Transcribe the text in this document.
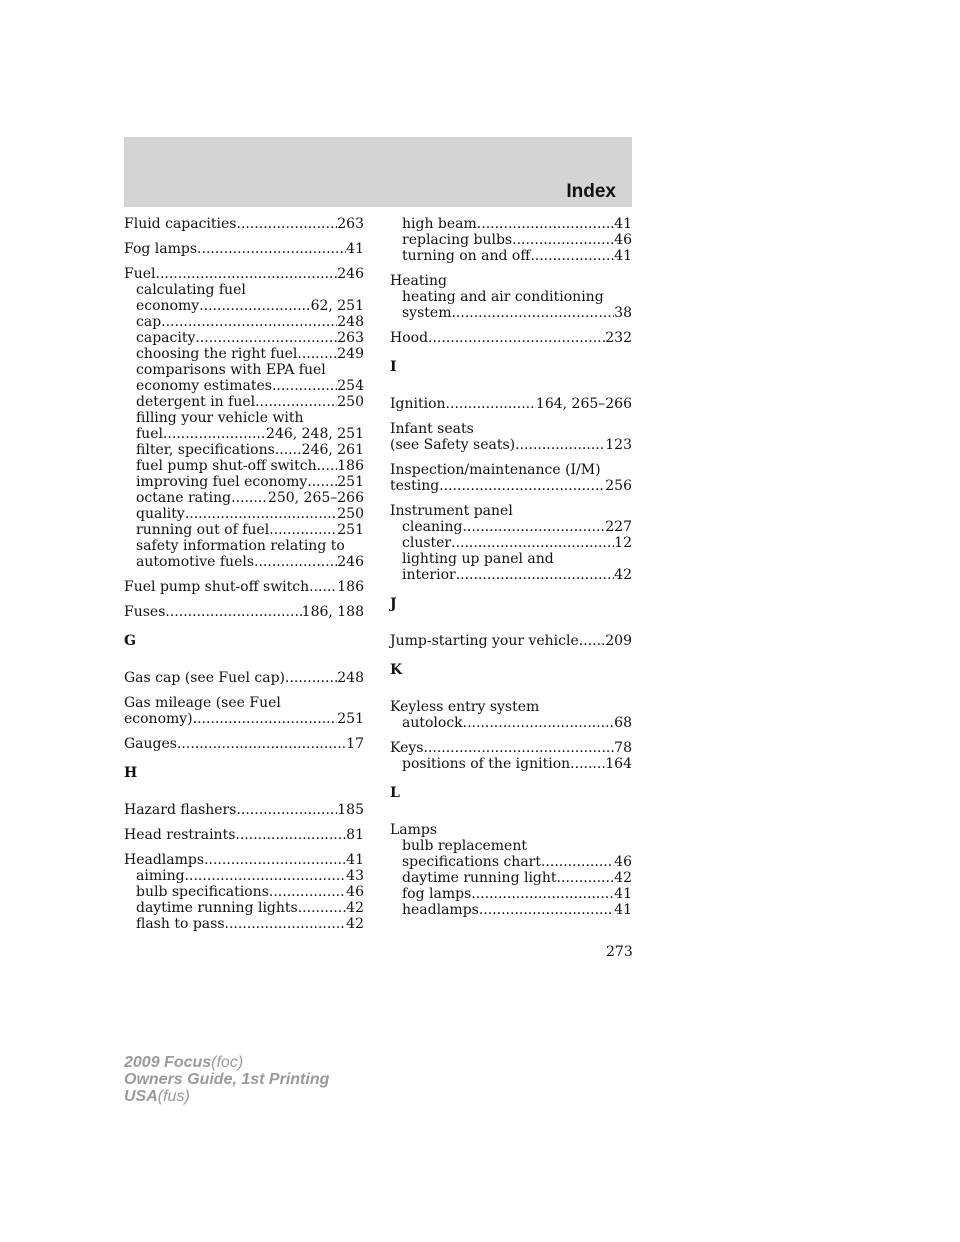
Index
Fluid capacities .....	263
Fog lamps .....	41
Fuel .....	246
calculating fuel
economy .....	62, 251
cap .....	248
capacity .....	263
choosing the right fuel .....	249
comparisons with EPA fuel
economy estimates .....	254
detergent in fuel .....	250
filling your vehicle with
fuel .....	246, 248, 251
filter, specifications ..... 246, 261
fuel pump shut-off switch ..... 186
improving fuel economy ..... 251
octane rating .....	250, 265–266
quality .....	250
running out of fuel .....	251
safety information relating to
automotive fuels .....	246
Fuel pump shut-off switch ..... 186
Fuses .....	186, 188
G
Gas cap (see Fuel cap) .....	248
Gas mileage (see Fuel
economy) .....	251
Gauges .....	17
H
Hazard flashers .....	185
Head restraints .....	81
Headlamps .....	41
aiming .....	43
bulb specifications .....	46
daytime running lights .....	42
flash to pass .....	42
high beam .....	41
replacing bulbs .....	46
turning on and off .....	41
Heating
heating and air conditioning
system .....	38
Hood .....	232
I
Ignition .....	164, 265–266
Infant seats
(see Safety seats) .....	123
Inspection/maintenance (I/M)
testing .....	256
Instrument panel
cleaning .....	227
cluster .....	12
lighting up panel and
interior .....	42
J
Jump-starting your vehicle ..... 209
K
Keyless entry system
autolock .....	68
Keys .....	78
positions of the ignition .....	164
L
Lamps
bulb replacement
specifications chart .....	46
daytime running light .....	42
fog lamps .....	41
headlamps .....	41
273
2009 Focus(foc)
Owners Guide, 1st Printing
USA(fus)
